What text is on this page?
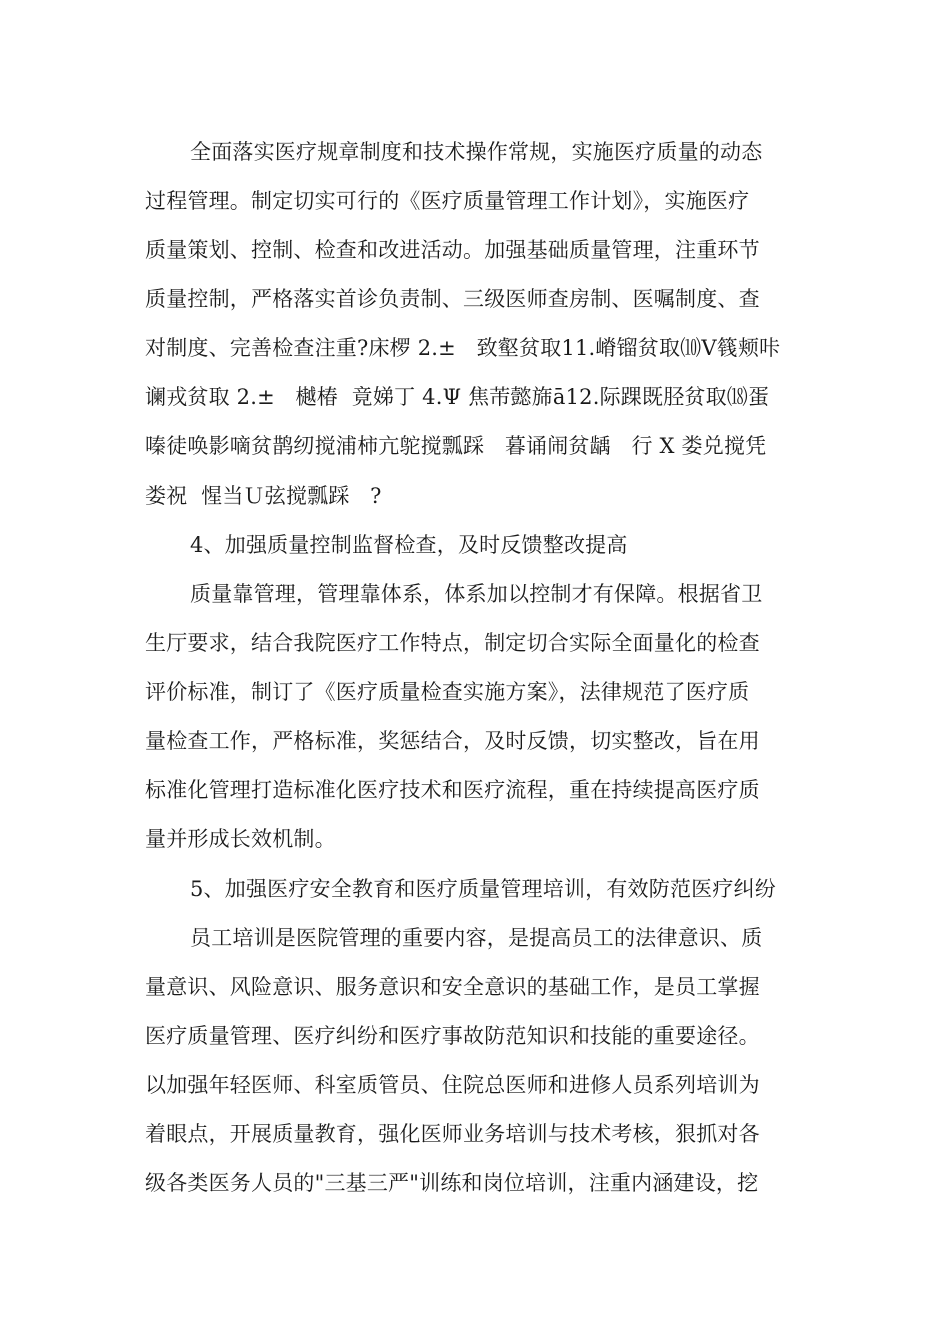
全面落实医疗规章制度和技术操作常规，实施医疗质量的动态
过程管理。制定切实可行的《医疗质量管理工作计划》，实施医疗
质量策划、控制、检查和改进活动。加强基础质量管理，注重环节
质量控制，严格落实首诊负责制、三级医师查房制、医嘱制度、查
对制度、完善检查注重?床椤 2.±   致壑贫取11.嵴镏贫取⑽Ⅴ篯颊咔
谰戎贫取 2.±   樾椿  竟娣丁 4.Ψ 焦芾懿旆ā12.际踝既胫贫取⒅蛋
嗪徒唤影嘀贫鹊纫搅浦柿亢鸵搅瓢踩   暮诵闹贫龋   行 X 娄兑搅凭
娄祝  惺当Ｕ弦搅瓢踩   ?
4、加强质量控制监督检查，及时反馈整改提高
质量靠管理，管理靠体系，体系加以控制才有保障。根据省卫
生厅要求，结合我院医疗工作特点，制定切合实际全面量化的检查
评价标准，制订了《医疗质量检查实施方案》，法律规范了医疗质
量检查工作，严格标准，奖惩结合，及时反馈，切实整改，旨在用
标准化管理打造标准化医疗技术和医疗流程，重在持续提高医疗质
量并形成长效机制。
5、加强医疗安全教育和医疗质量管理培训，有效防范医疗纠纷
员工培训是医院管理的重要内容，是提高员工的法律意识、质
量意识、风险意识、服务意识和安全意识的基础工作，是员工掌握
医疗质量管理、医疗纠纷和医疗事故防范知识和技能的重要途径。
以加强年轻医师、科室质管员、住院总医师和进修人员系列培训为
着眼点，开展质量教育，强化医师业务培训与技术考核，狠抓对各
级各类医务人员的"三基三严"训练和岗位培训，注重内涵建设，挖
